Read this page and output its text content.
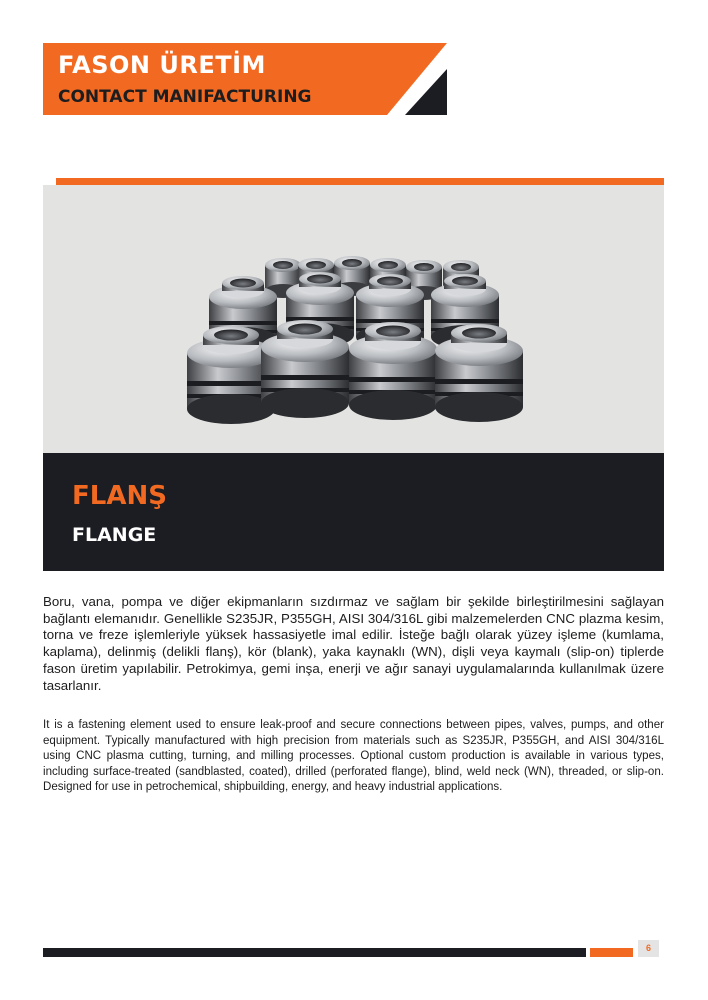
FASON ÜRETİM
CONTACT MANIFACTURING
FLANŞ
FLANGE

Boru, vana, pompa ve diğer ekipmanların sızdırmaz ve sağlam bir şekilde birleştirilmesini sağlayan bağlantı elemanıdır. Genellikle S235JR, P355GH, AISI 304/316L gibi malzemelerden CNC plazma kesim, torna ve freze işlemleriyle yüksek hassasiyetle imal edilir. İsteğe bağlı olarak yüzey işleme (kumlama, kaplama), delinmiş (delikli flanş), kör (blank), yaka kaynaklı (WN), dişli veya kaymalı (slip-on) tiplerde fason üretim yapılabilir. Petrokimya, gemi inşa, enerji ve ağır sanayi uygulamalarında kullanılmak üzere tasarlanır.

It is a fastening element used to ensure leak-proof and secure connections between pipes, valves, pumps, and other equipment. Typically manufactured with high precision from materials such as S235JR, P355GH, and AISI 304/316L using CNC plasma cutting, turning, and milling processes. Optional custom production is available in various types, including surface-treated (sandblasted, coated), drilled (perforated flange), blind, weld neck (WN), threaded, or slip-on. Designed for use in petrochemical, shipbuilding, energy, and heavy industrial applications.

6
